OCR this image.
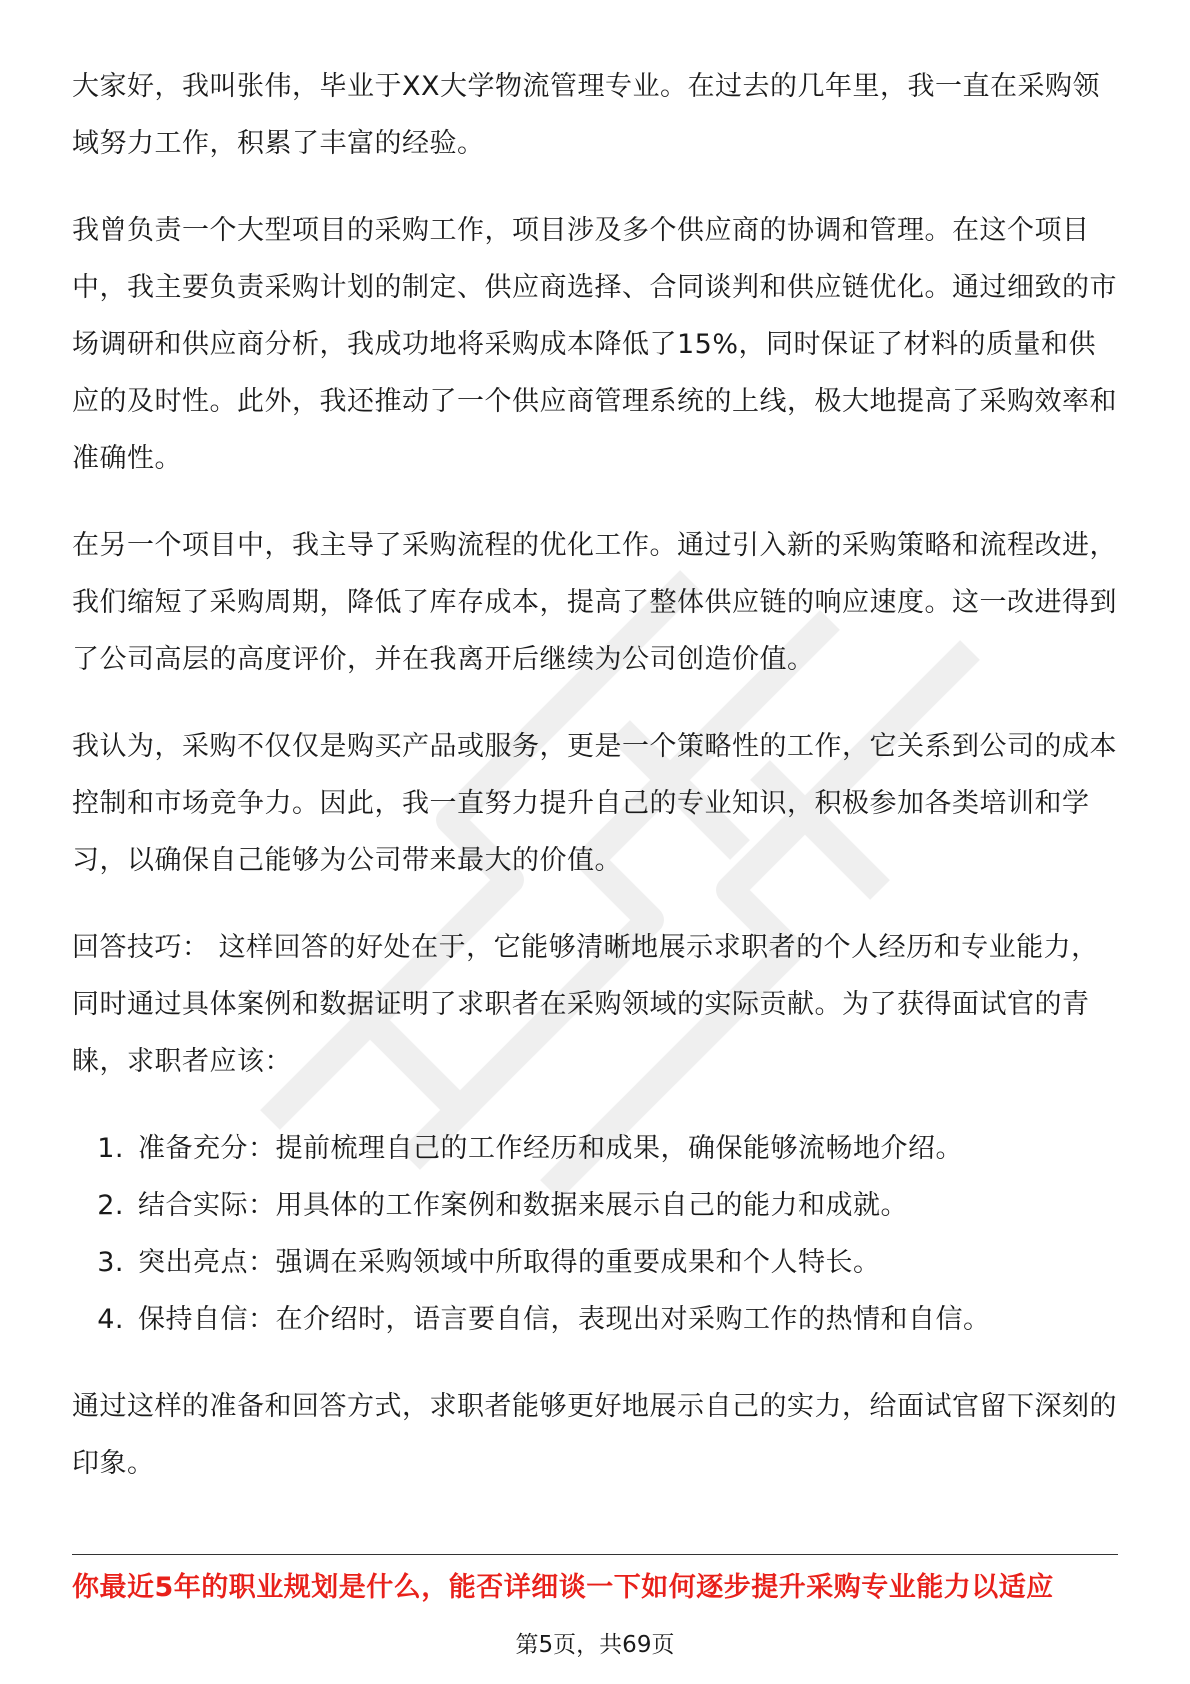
大家好，我叫张伟，毕业于XX大学物流管理专业。在过去的几年里，我一直在采购领域努力工作，积累了丰富的经验。

我曾负责一个大型项目的采购工作，项目涉及多个供应商的协调和管理。在这个项目中，我主要负责采购计划的制定、供应商选择、合同谈判和供应链优化。通过细致的市场调研和供应商分析，我成功地将采购成本降低了15%，同时保证了材料的质量和供应的及时性。此外，我还推动了一个供应商管理系统的上线，极大地提高了采购效率和准确性。

在另一个项目中，我主导了采购流程的优化工作。通过引入新的采购策略和流程改进，我们缩短了采购周期，降低了库存成本，提高了整体供应链的响应速度。这一改进得到了公司高层的高度评价，并在我离开后继续为公司创造价值。

我认为，采购不仅仅是购买产品或服务，更是一个策略性的工作，它关系到公司的成本控制和市场竞争力。因此，我一直努力提升自己的专业知识，积极参加各类培训和学习，以确保自己能够为公司带来最大的价值。

回答技巧： 这样回答的好处在于，它能够清晰地展示求职者的个人经历和专业能力，同时通过具体案例和数据证明了求职者在采购领域的实际贡献。为了获得面试官的青睐，求职者应该：

1. 准备充分：提前梳理自己的工作经历和成果，确保能够流畅地介绍。
2. 结合实际：用具体的工作案例和数据来展示自己的能力和成就。
3. 突出亮点：强调在采购领域中所取得的重要成果和个人特长。
4. 保持自信：在介绍时，语言要自信，表现出对采购工作的热情和自信。

通过这样的准备和回答方式，求职者能够更好地展示自己的实力，给面试官留下深刻的印象。

你最近5年的职业规划是什么，能否详细谈一下如何逐步提升采购专业能力以适应
第5页，共69页
